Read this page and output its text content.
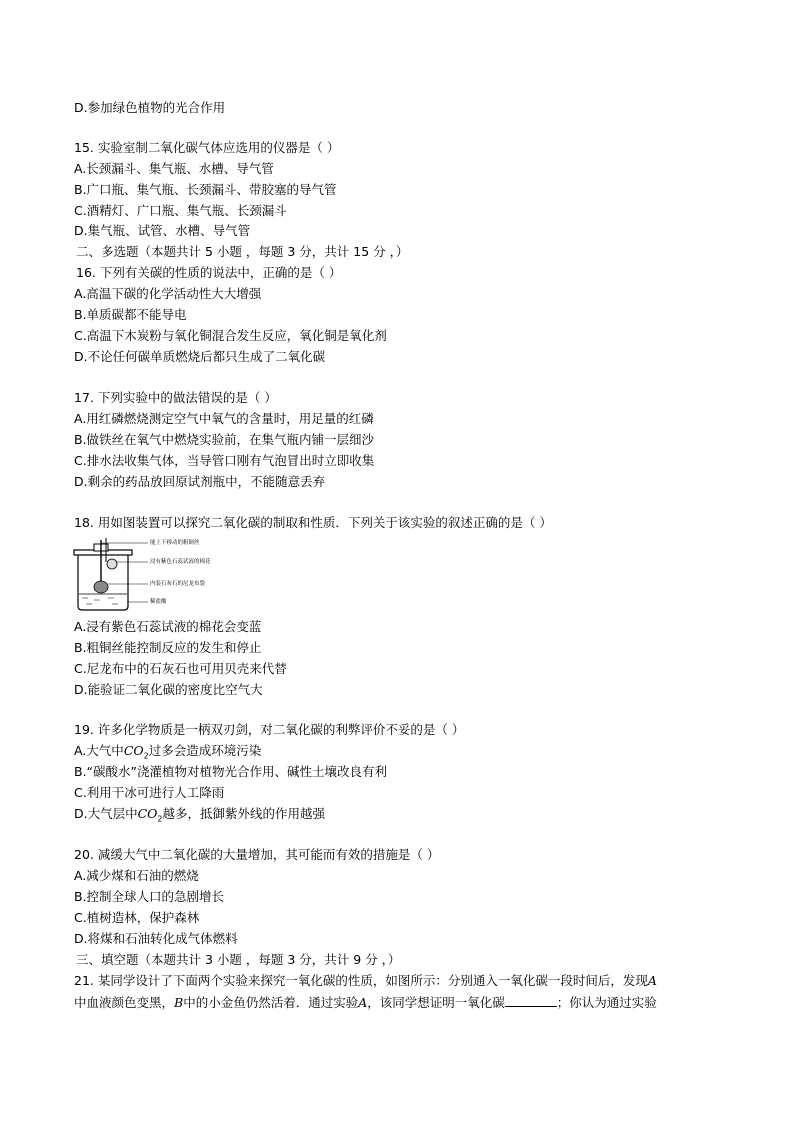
D.参加绿色植物的光合作用
15. 实验室制二氧化碳气体应选用的仪器是（ ）
A.长颈漏斗、集气瓶、水槽、导气管
B.广口瓶、集气瓶、长颈漏斗、带胶塞的导气管
C.酒精灯、广口瓶、集气瓶、长颈漏斗
D.集气瓶、试管、水槽、导气管
二、多选题（本题共计 5 小题 ，每题 3 分，共计 15 分 ，）
16. 下列有关碳的性质的说法中，正确的是（ ）
A.高温下碳的化学活动性大大增强
B.单质碳都不能导电
C.高温下木炭粉与氧化铜混合发生反应，氧化铜是氧化剂
D.不论任何碳单质燃烧后都只生成了二氧化碳
17. 下列实验中的做法错误的是（ ）
A.用红磷燃烧测定空气中氧气的含量时，用足量的红磷
B.做铁丝在氧气中燃烧实验前，在集气瓶内铺一层细沙
C.排水法收集气体，当导管口刚有气泡冒出时立即收集
D.剩余的药品放回原试剂瓶中，不能随意丢弃
18. 用如图装置可以探究二氧化碳的制取和性质．下列关于该实验的叙述正确的是（ ）
能上下移动的粗铜丝
浸有紫色石蕊试液的棉花
内装石灰石的尼龙布袋
稀盐酸
A.浸有紫色石蕊试液的棉花会变蓝
B.粗铜丝能控制反应的发生和停止
C.尼龙布中的石灰石也可用贝壳来代替
D.能验证二氧化碳的密度比空气大
19. 许多化学物质是一柄双刃剑，对二氧化碳的利弊评价不妥的是（ ）
A.大气中$CO_2$过多会造成环境污染
B.“碳酸水”浇灌植物对植物光合作用、碱性土壤改良有利
C.利用干冰可进行人工降雨
D.大气层中$CO_2$越多，抵御紫外线的作用越强
20. 减缓大气中二氧化碳的大量增加，其可能而有效的措施是（ ）
A.减少煤和石油的燃烧
B.控制全球人口的急剧增长
C.植树造林，保护森林
D.将煤和石油转化成气体燃料
三、填空题（本题共计 3 小题 ，每题 3 分，共计 9 分 ，）
21. 某同学设计了下面两个实验来探究一氧化碳的性质，如图所示：分别通入一氧化碳一段时间后，发现A
中血液颜色变黑，B中的小金鱼仍然活着．通过实验A，该同学想证明一氧化碳	；你认为通过实验
